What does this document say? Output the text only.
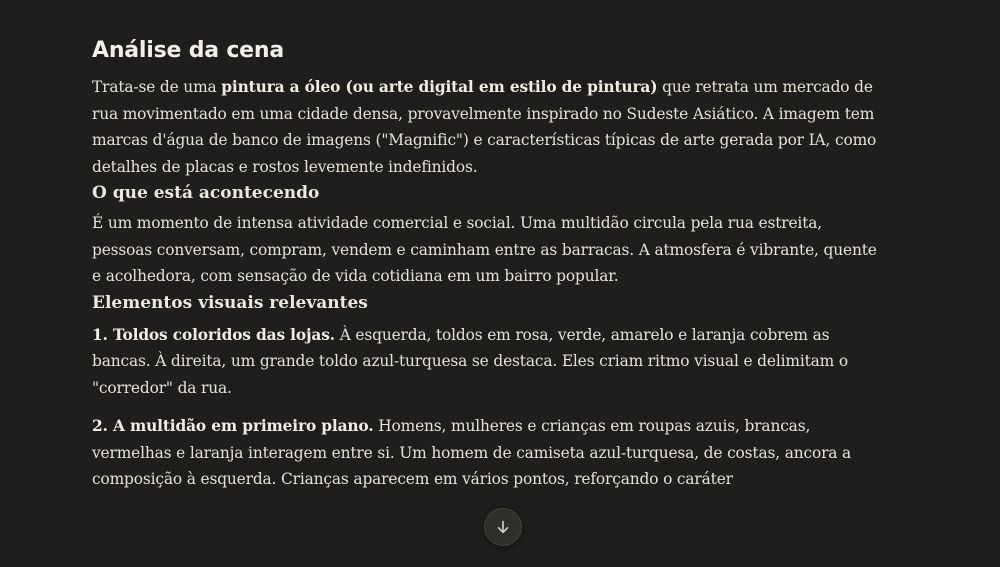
Análise da cena

Trata-se de uma pintura a óleo (ou arte digital em estilo de pintura) que retrata um mercado de rua movimentado em uma cidade densa, provavelmente inspirado no Sudeste Asiático. A imagem tem marcas d'água de banco de imagens ("Magnific") e características típicas de arte gerada por IA, como detalhes de placas e rostos levemente indefinidos.

O que está acontecendo

É um momento de intensa atividade comercial e social. Uma multidão circula pela rua estreita, pessoas conversam, compram, vendem e caminham entre as barracas. A atmosfera é vibrante, quente e acolhedora, com sensação de vida cotidiana em um bairro popular.

Elementos visuais relevantes

1. Toldos coloridos das lojas. À esquerda, toldos em rosa, verde, amarelo e laranja cobrem as bancas. À direita, um grande toldo azul-turquesa se destaca. Eles criam ritmo visual e delimitam o "corredor" da rua.

2. A multidão em primeiro plano. Homens, mulheres e crianças em roupas azuis, brancas, vermelhas e laranja interagem entre si. Um homem de camiseta azul-turquesa, de costas, ancora a composição à esquerda. Crianças aparecem em vários pontos, reforçando o caráter
